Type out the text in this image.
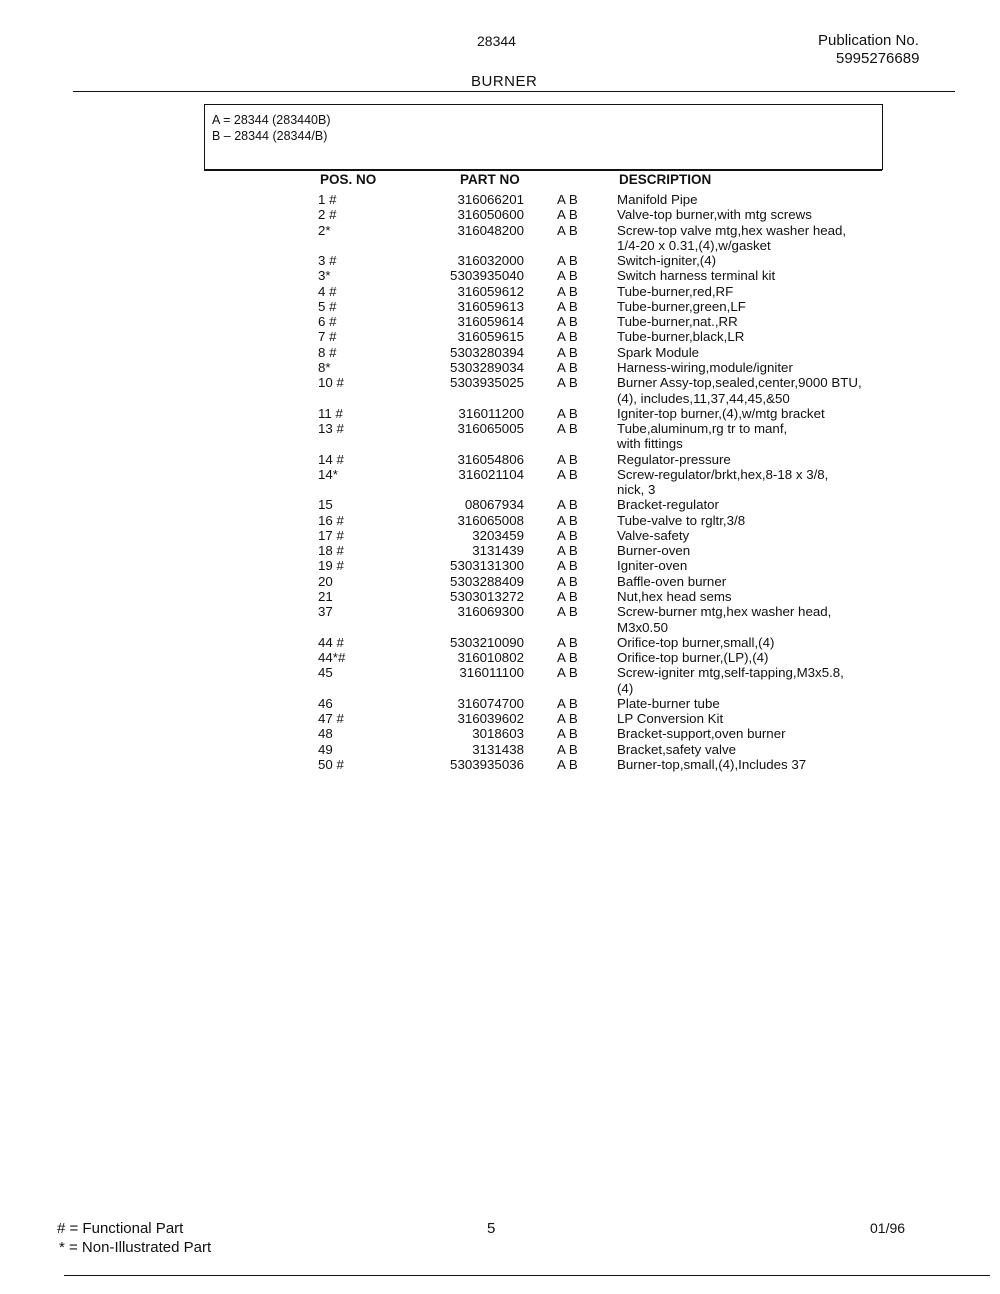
28344	Publication No.
5995276689
BURNER
A = 28344 (283440B)
B – 28344 (28344/B)
POS. NO	PART NO	DESCRIPTION
1 #	316066201 A B	Manifold Pipe
2 #	316050600 A B	Valve-top burner,with mtg screws
2*	316048200 A B	Screw-top valve mtg,hex washer head,
1/4-20 x 0.31,(4),w/gasket
3 #	316032000 A B	Switch-igniter,(4)
3*	5303935040 A B	Switch harness terminal kit
4 #	316059612 A B	Tube-burner,red,RF
5 #	316059613 A B	Tube-burner,green,LF
6 #	316059614 A B	Tube-burner,nat.,RR
7 #	316059615 A B	Tube-burner,black,LR
8 #	5303280394 A B	Spark Module
8*	5303289034 A B	Harness-wiring,module/igniter
10 #	5303935025 A B	Burner Assy-top,sealed,center,9000 BTU,
(4), includes,11,37,44,45,&50
11 #	316011200 A B	Igniter-top burner,(4),w/mtg bracket
13 #	316065005 A B	Tube,aluminum,rg tr to manf,
with fittings
14 #	316054806 A B	Regulator-pressure
14*	316021104 A B	Screw-regulator/brkt,hex,8-18 x 3/8,
nick, 3
15	08067934 A B	Bracket-regulator
16 #	316065008 A B	Tube-valve to rgltr,3/8
17 #	3203459 A B	Valve-safety
18 #	3131439 A B	Burner-oven
19 #	5303131300 A B	Igniter-oven
20	5303288409 A B	Baffle-oven burner
21	5303013272 A B	Nut,hex head sems
37	316069300 A B	Screw-burner mtg,hex washer head,
M3x0.50
44 #	5303210090 A B	Orifice-top burner,small,(4)
44*#	316010802 A B	Orifice-top burner,(LP),(4)
45	316011100 A B	Screw-igniter mtg,self-tapping,M3x5.8,
(4)
46	316074700 A B	Plate-burner tube
47 #	316039602 A B	LP Conversion Kit
48	3018603 A B	Bracket-support,oven burner
49	3131438 A B	Bracket,safety valve
50 #	5303935036 A B	Burner-top,small,(4),Includes 37
# = Functional Part
* = Non-Illustrated Part
5	01/96
